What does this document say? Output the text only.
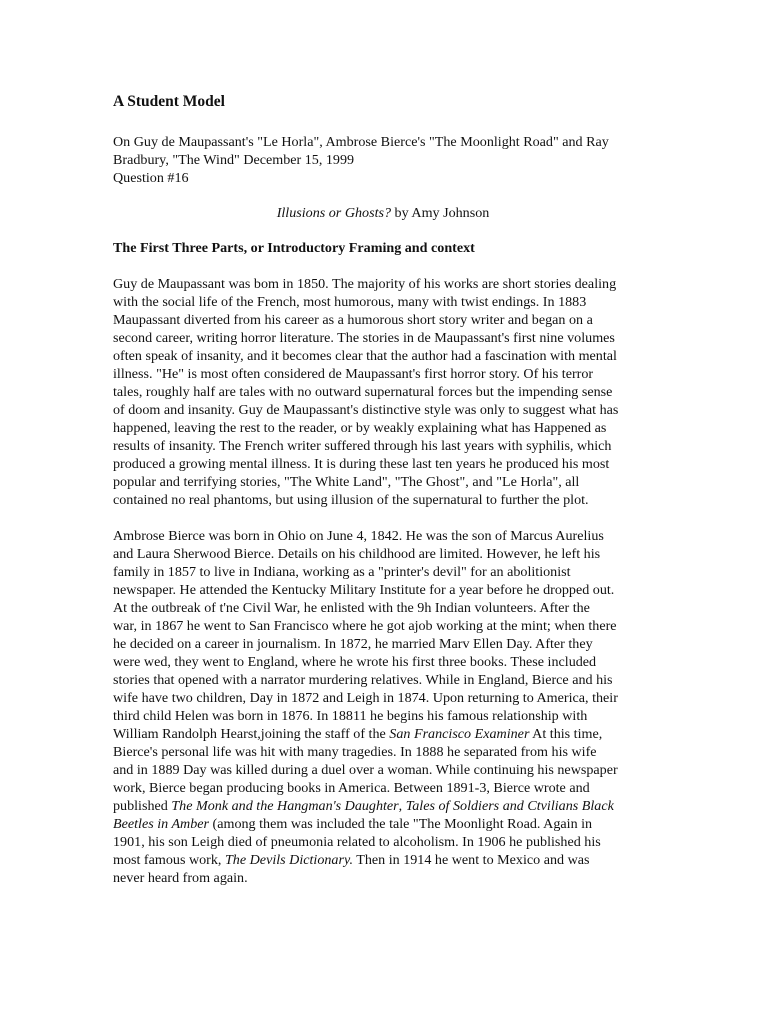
A Student Model
On Guy de Maupassant's "Le Horla", Ambrose Bierce's "The Moonlight Road" and Ray
Bradbury, "The Wind" December 15, 1999
Question #16
Illusions or Ghosts? by Amy Johnson
The First Three Parts, or Introductory Framing and context
Guy de Maupassant was bom in 1850. The majority of his works are short stories dealing
with the social life of the French, most humorous, many with twist endings. In 1883
Maupassant diverted from his career as a humorous short story writer and began on a
second career, writing horror literature. The stories in de Maupassant's first nine volumes
often speak of insanity, and it becomes clear that the author had a fascination with mental
illness. "He" is most often considered de Maupassant's first horror story. Of his terror
tales, roughly half are tales with no outward supernatural forces but the impending sense
of doom and insanity. Guy de Maupassant's distinctive style was only to suggest what has
happened, leaving the rest to the reader, or by weakly explaining what has Happened as
results of insanity. The French writer suffered through his last years with syphilis, which
produced a growing mental illness. It is during these last ten years he produced his most
popular and terrifying stories, "The White Land", "The Ghost", and "Le Horla", all
contained no real phantoms, but using illusion of the supernatural to further the plot.
Ambrose Bierce was born in Ohio on June 4, 1842. He was the son of Marcus Aurelius
and Laura Sherwood Bierce. Details on his childhood are limited. However, he left his
family in 1857 to live in Indiana, working as a "printer's devil" for an abolitionist
newspaper. He attended the Kentucky Military Institute for a year before he dropped out.
At the outbreak of t'ne Civil War, he enlisted with the 9h Indian volunteers. After the
war, in 1867 he went to San Francisco where he got ajob working at the mint; when there
he decided on a career in journalism. In 1872, he married Marv Ellen Day. After they
were wed, they went to England, where he wrote his first three books. These included
stories that opened with a narrator murdering relatives. While in England, Bierce and his
wife have two children, Day in 1872 and Leigh in 1874. Upon returning to America, their
third child Helen was born in 1876. In 18811 he begins his famous relationship with
William Randolph Hearst,joining the staff of the San Francisco Examiner At this time,
Bierce's personal life was hit with many tragedies. In 1888 he separated from his wife
and in 1889 Day was killed during a duel over a woman. While continuing his newspaper
work, Bierce began producing books in America. Between 1891-3, Bierce wrote and
published The Monk and the Hangman's Daughter, Tales of Soldiers and Ctvilians Black
Beetles in Amber (among them was included the tale "The Moonlight Road. Again in
1901, his son Leigh died of pneumonia related to alcoholism. In 1906 he published his
most famous work, The Devils Dictionary. Then in 1914 he went to Mexico and was
never heard from again.
